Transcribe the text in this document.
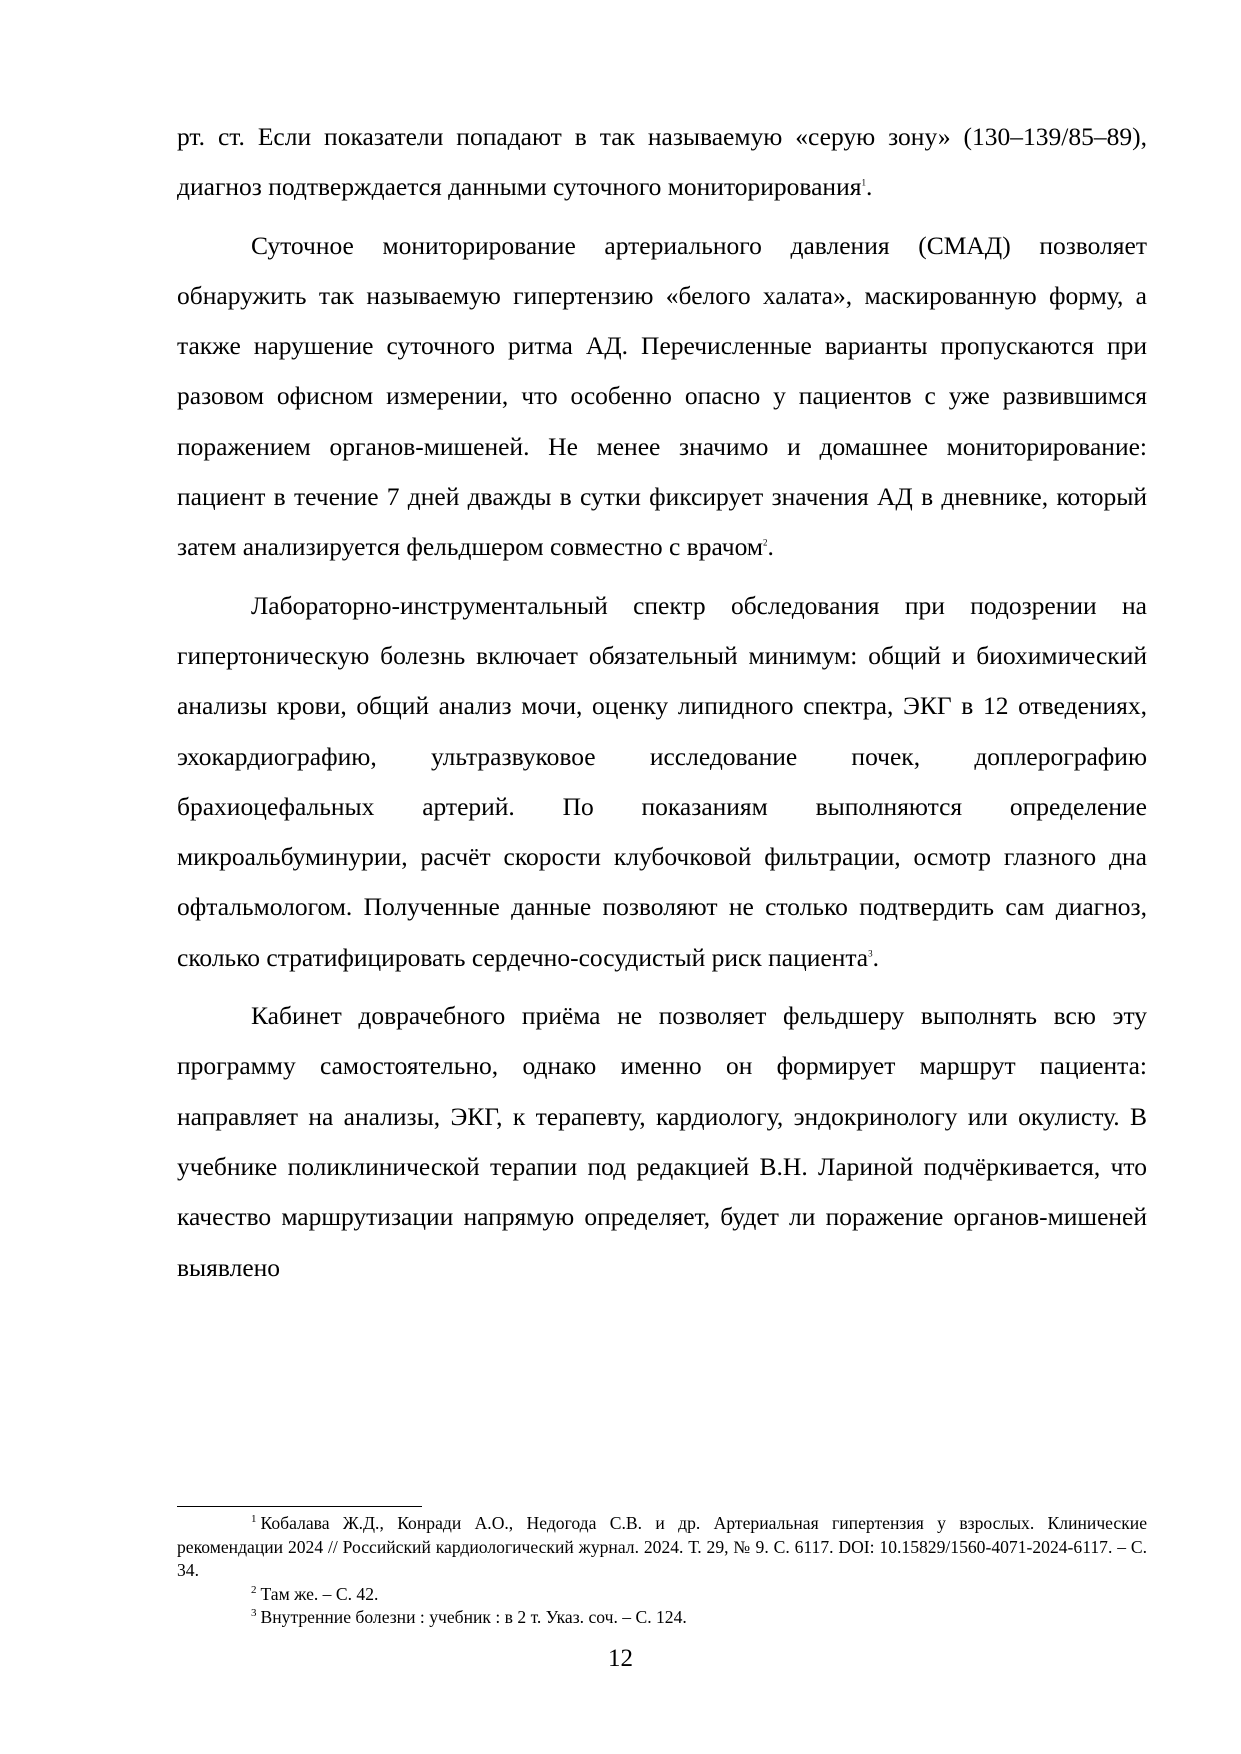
рт. ст. Если показатели попадают в так называемую «серую зону» (130–139/85–89), диагноз подтверждается данными суточного мониторирования$^1$.

Суточное мониторирование артериального давления (СМАД) позволяет обнаружить так называемую гипертензию «белого халата», маскированную форму, а также нарушение суточного ритма АД. Перечисленные варианты пропускаются при разовом офисном измерении, что особенно опасно у пациентов с уже развившимся поражением органов-мишеней. Не менее значимо и домашнее мониторирование: пациент в течение 7 дней дважды в сутки фиксирует значения АД в дневнике, который затем анализируется фельдшером совместно с врачом$^2$.

Лабораторно-инструментальный спектр обследования при подозрении на гипертоническую болезнь включает обязательный минимум: общий и биохимический анализы крови, общий анализ мочи, оценку липидного спектра, ЭКГ в 12 отведениях, эхокардиографию, ультразвуковое исследование почек, доплерографию брахиоцефальных артерий. По показаниям выполняются определение микроальбуминурии, расчёт скорости клубочковой фильтрации, осмотр глазного дна офтальмологом. Полученные данные позволяют не столько подтвердить сам диагноз, сколько стратифицировать сердечно-сосудистый риск пациента$^3$.

Кабинет доврачебного приёма не позволяет фельдшеру выполнять всю эту программу самостоятельно, однако именно он формирует маршрут пациента: направляет на анализы, ЭКГ, к терапевту, кардиологу, эндокринологу или окулисту. В учебнике поликлинической терапии под редакцией В.Н. Лариной подчёркивается, что качество маршрутизации напрямую определяет, будет ли поражение органов-мишеней выявлено

$^1$ Кобалава Ж.Д., Конради А.О., Недогода С.В. и др. Артериальная гипертензия у взрослых. Клинические рекомендации 2024 // Российский кардиологический журнал. 2024. Т. 29, № 9. С. 6117. DOI: 10.15829/1560-4071-2024-6117. – С. 34.

$^2$ Там же. – С. 42.

$^3$ Внутренние болезни : учебник : в 2 т. Указ. соч. – С. 124.

12
